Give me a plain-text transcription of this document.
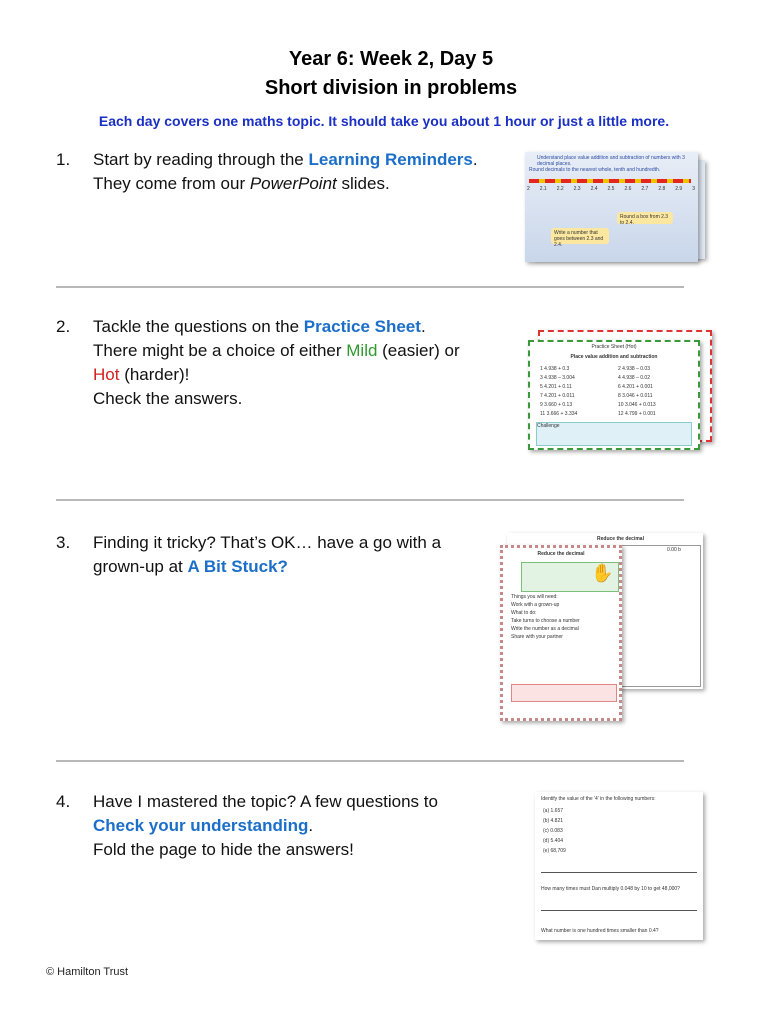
Year 6: Week 2, Day 5
Short division in problems
Each day covers one maths topic. It should take you about 1 hour or just a little more.
1. Start by reading through the Learning Reminders.
They come from our PowerPoint slides.
Understand place value addition and subtraction of numbers with 3 decimal places.
Round decimals to the nearest whole, tenth and hundredth.
2 2.1 2.2 2.3 2.4 2.5 2.6 2.7 2.8 2.9 3
Round a box from 2.3 to 2.4.
Write a number that goes between 2.3 and 2.4.
2. Tackle the questions on the Practice Sheet.
There might be a choice of either Mild (easier) or
Hot (harder)!
Check the answers.
Practice Sheet (Hot)
Place value addition and subtraction
1 4.938 + 0.3
3 4.938 – 3.004
5 4.201 + 0.11
7 4.201 + 0.011
9 3.660 + 0.13
11 3.666 + 3.334
2 4.938 – 0.03
4 4.938 – 0.02
6 4.201 + 0.001
8 3.046 + 0.011
10 3.046 + 0.013
12 4.799 + 0.001
Challenge
3. Finding it tricky? That’s OK… have a go with a
grown-up at A Bit Stuck?
Reduce the decimal
0.00 b
Reduce the decimal
✋
Things you will need:
Work with a grown-up
What to do:
Take turns to choose a number
Write the number as a decimal
Share with your partner
4. Have I mastered the topic? A few questions to
Check your understanding.
Fold the page to hide the answers!
Identify the value of the '4' in the following numbers:
(a) 1.657
(b) 4.821
(c) 0.083
(d) 5.404
(e) 68,709
How many times must Dan multiply 0.048 by 10 to get 48,000?
What number is one hundred times smaller than 0.4?
© Hamilton Trust
